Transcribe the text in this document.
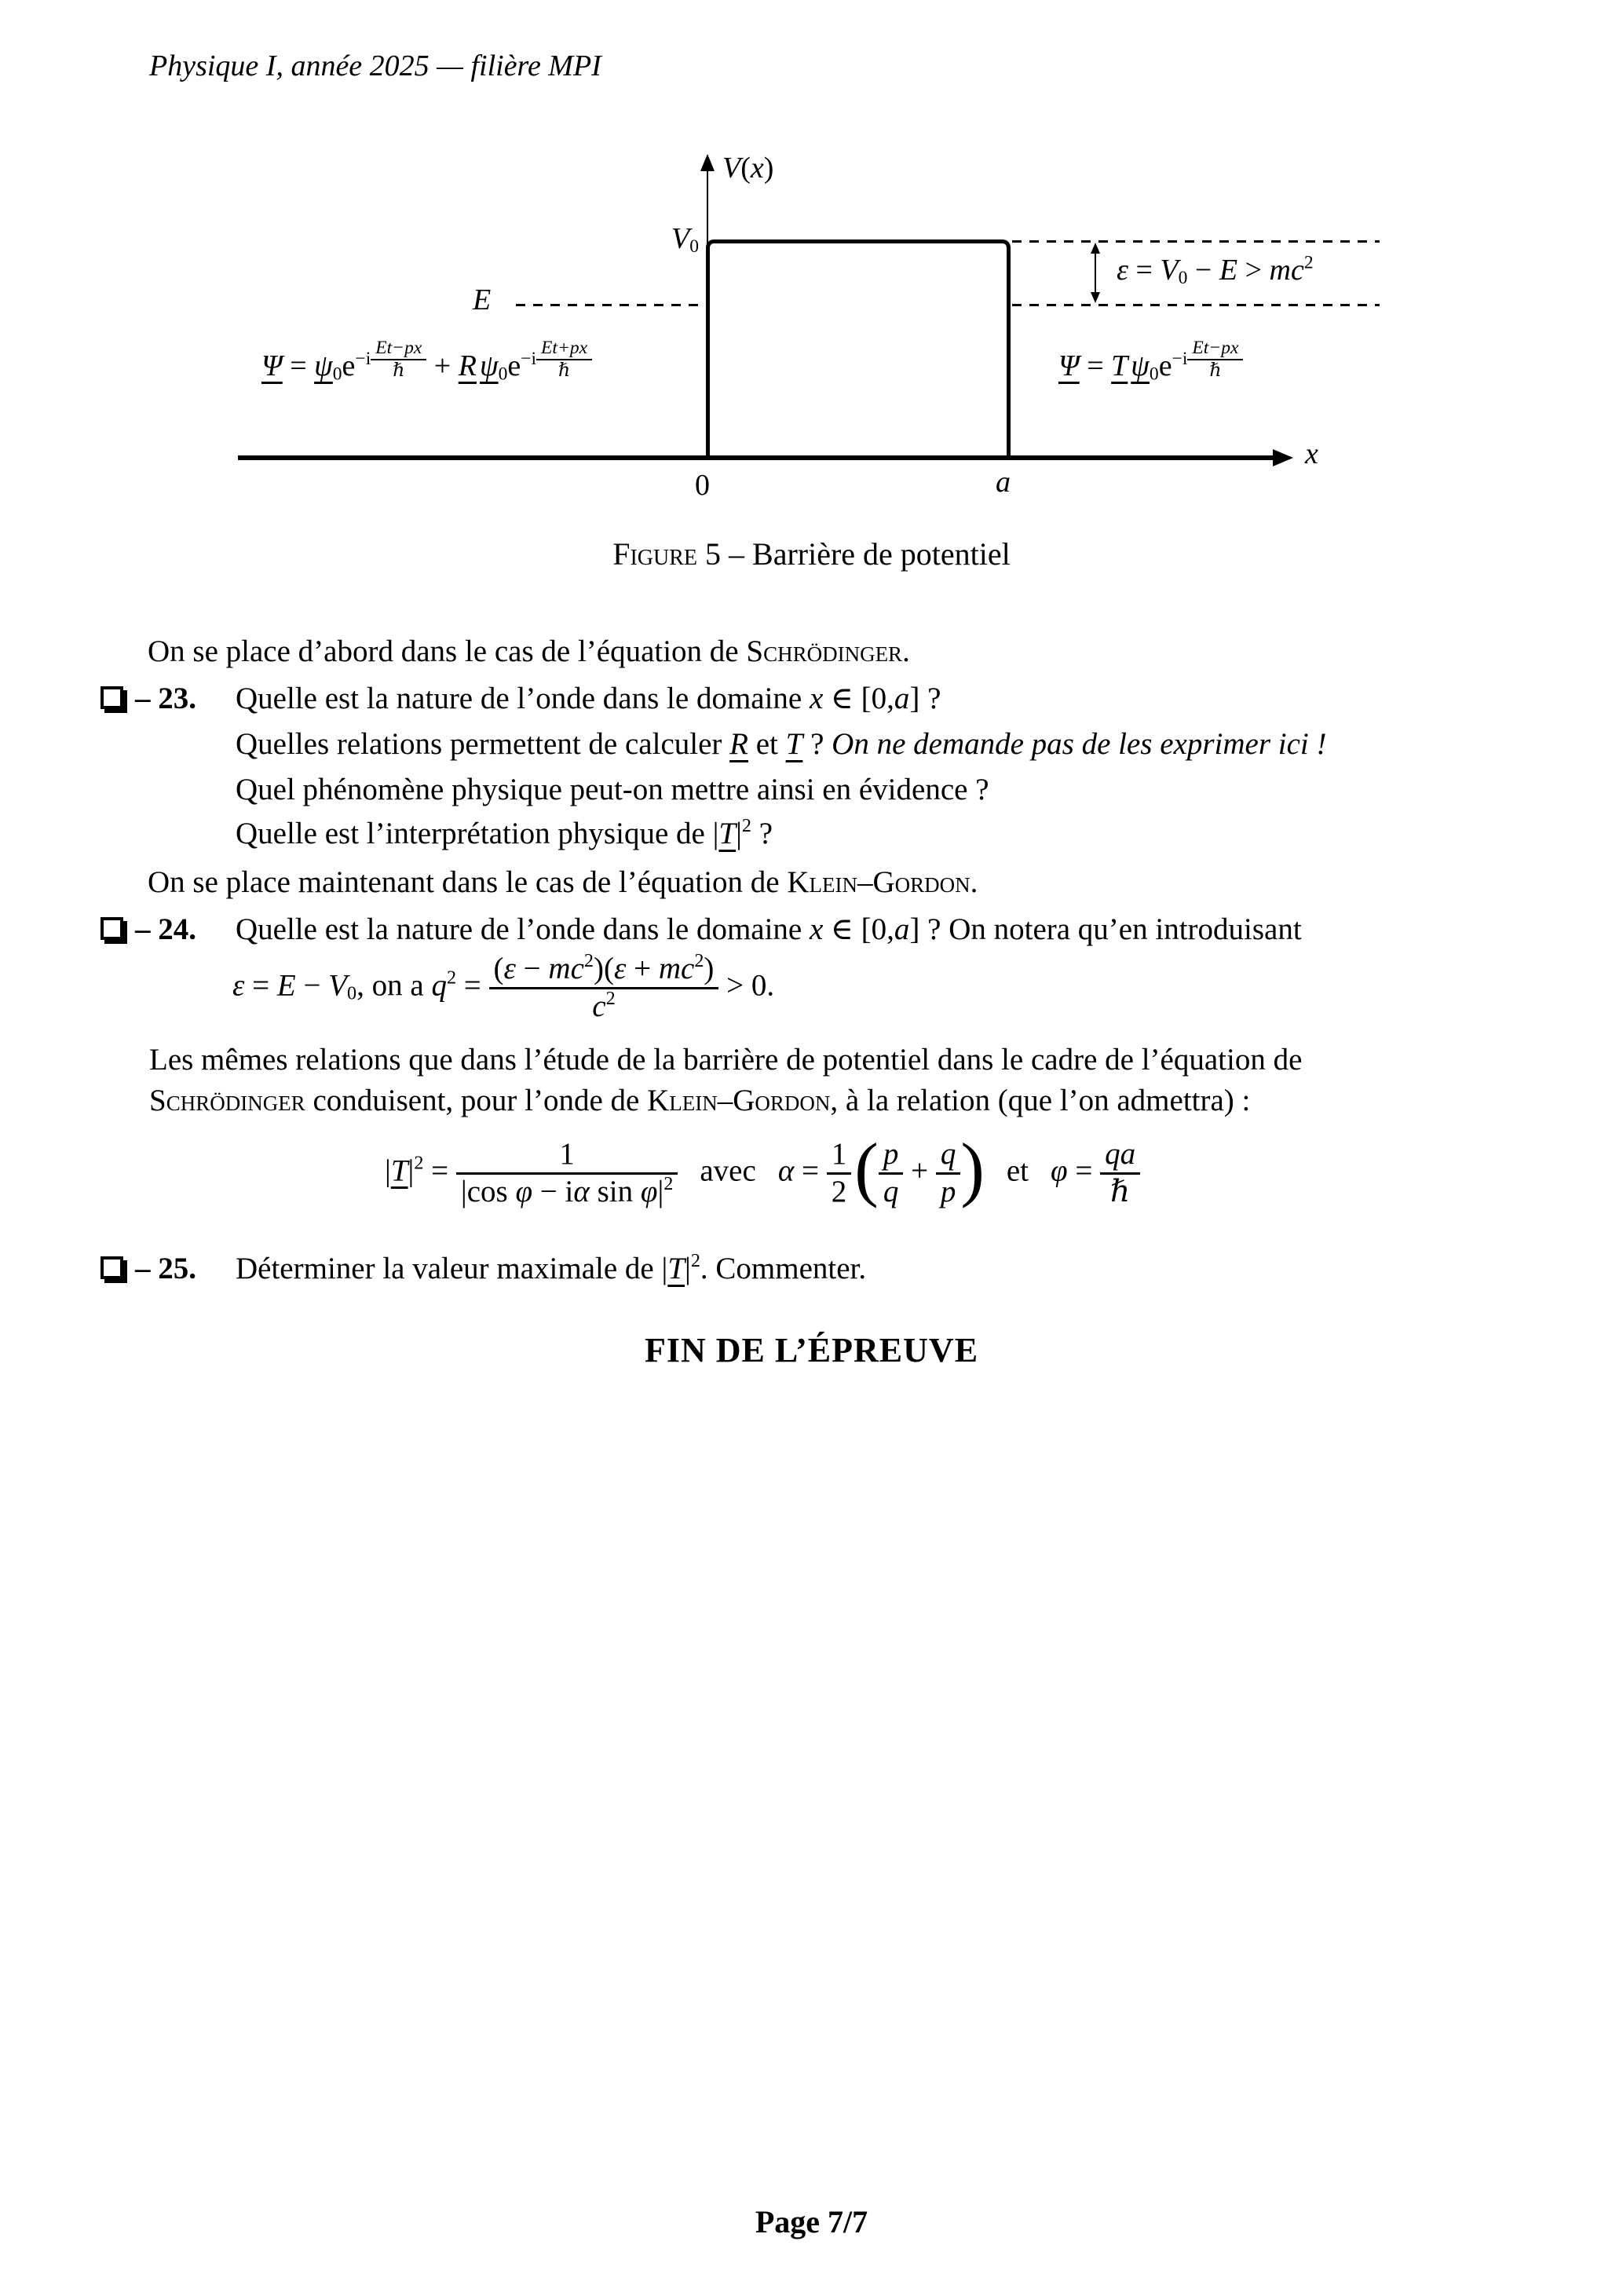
Physique I, année 2025 — filière MPI
V(x)
x
$V_0$
E
$\varepsilon = V_0 - E > mc^2$
$\Psi = \psi_0e^{-i \frac{Et-px}{\text{ℏ}}} + R$ $\psi_0e^{-i \frac{Et+px}{\text{ℏ}}}$	Ψ = T $\psi_0e^{-i \frac{Et-px}{\text{ℏ}}}$
0	a
Figure 5 – Barrière de potentiel
On se place d’abord dans le cas de l’équation de Schrödinger.
– 23. Quelle est la nature de l’onde dans le domaine x ∈ [0,a] ?
Quelles relations permettent de calculer R et T ? On ne demande pas de les exprimer ici !
Quel phénomène physique peut-on mettre ainsi en évidence ?
Quelle est l’interprétation physique de $|T|^2$ ?
On se place maintenant dans le cas de l’équation de Klein–Gordon.
– 24. Quelle est la nature de l’onde dans le domaine x ∈ [0,a] ? On notera qu’en introduisant
$\varepsilon = E - V_0$, on a $q^2 = \frac{(\varepsilon - mc^2)(\varepsilon + mc^2)}{c^2} > 0$.
Les mêmes relations que dans l’étude de la barrière de potentiel dans le cadre de l’équation de
Schrödinger conduisent, pour l’onde de Klein–Gordon, à la relation (que l’on admettra) :
$|T|^2 = \frac{1}{|\cos \varphi - i\alpha \sin \varphi|^2}$ avec $\alpha = \frac{1}{2}$ ( $\frac{p}{q} + \frac{q}{p}$ ) et $\varphi = \frac{qa}{\text{ℏ}}$
– 25. Déterminer la valeur maximale de $|T|^2$. Commenter.
FIN DE L’ÉPREUVE
Page 7/7
